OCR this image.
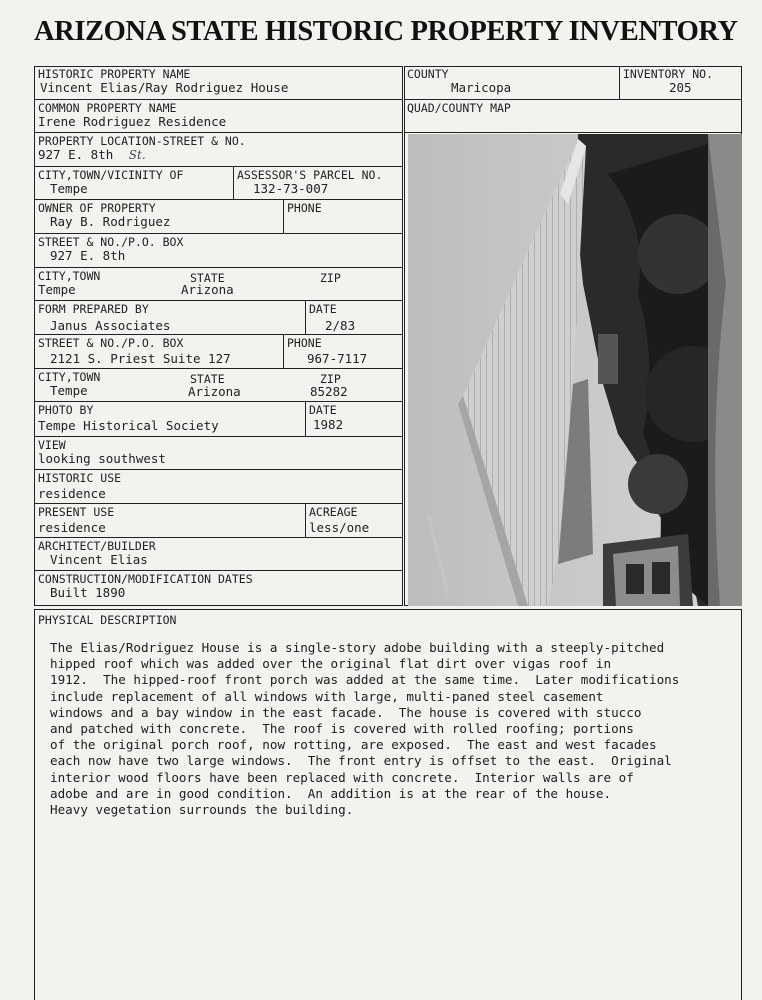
ARIZONA STATE HISTORIC PROPERTY INVENTORY
HISTORIC PROPERTY NAME
Vincent Elias/Ray Rodriguez House
COMMON PROPERTY NAME
Irene Rodriguez Residence
PROPERTY LOCATION-STREET & NO.
927 E. 8th St.
CITY,TOWN/VICINITY OF
Tempe
ASSESSOR'S PARCEL NO.
132-73-007
OWNER OF PROPERTY
Ray B. Rodriguez
PHONE
STREET & NO./P.O. BOX
927 E. 8th
CITY,TOWN
Tempe
STATE
Arizona
ZIP
FORM PREPARED BY
Janus Associates
DATE
2/83
STREET & NO./P.O. BOX
2121 S. Priest Suite 127
PHONE
967-7117
CITY,TOWN
Tempe
STATE
Arizona
ZIP
85282
PHOTO BY
Tempe Historical Society
DATE
1982
VIEW
looking southwest
HISTORIC USE
residence
PRESENT USE
residence
ACREAGE
less/one
ARCHITECT/BUILDER
Vincent Elias
CONSTRUCTION/MODIFICATION DATES
Built 1890
COUNTY
Maricopa
INVENTORY NO.
205
QUAD/COUNTY MAP
PHYSICAL DESCRIPTION
The Elias/Rodriguez House is a single-story adobe building with a steeply-pitched
hipped roof which was added over the original flat dirt over vigas roof in
1912.  The hipped-roof front porch was added at the same time.  Later modifications
include replacement of all windows with large, multi-paned steel casement
windows and a bay window in the east facade.  The house is covered with stucco
and patched with concrete.  The roof is covered with rolled roofing; portions
of the original porch roof, now rotting, are exposed.  The east and west facades
each now have two large windows.  The front entry is offset to the east.  Original
interior wood floors have been replaced with concrete.  Interior walls are of
adobe and are in good condition.  An addition is at the rear of the house.
Heavy vegetation surrounds the building.
